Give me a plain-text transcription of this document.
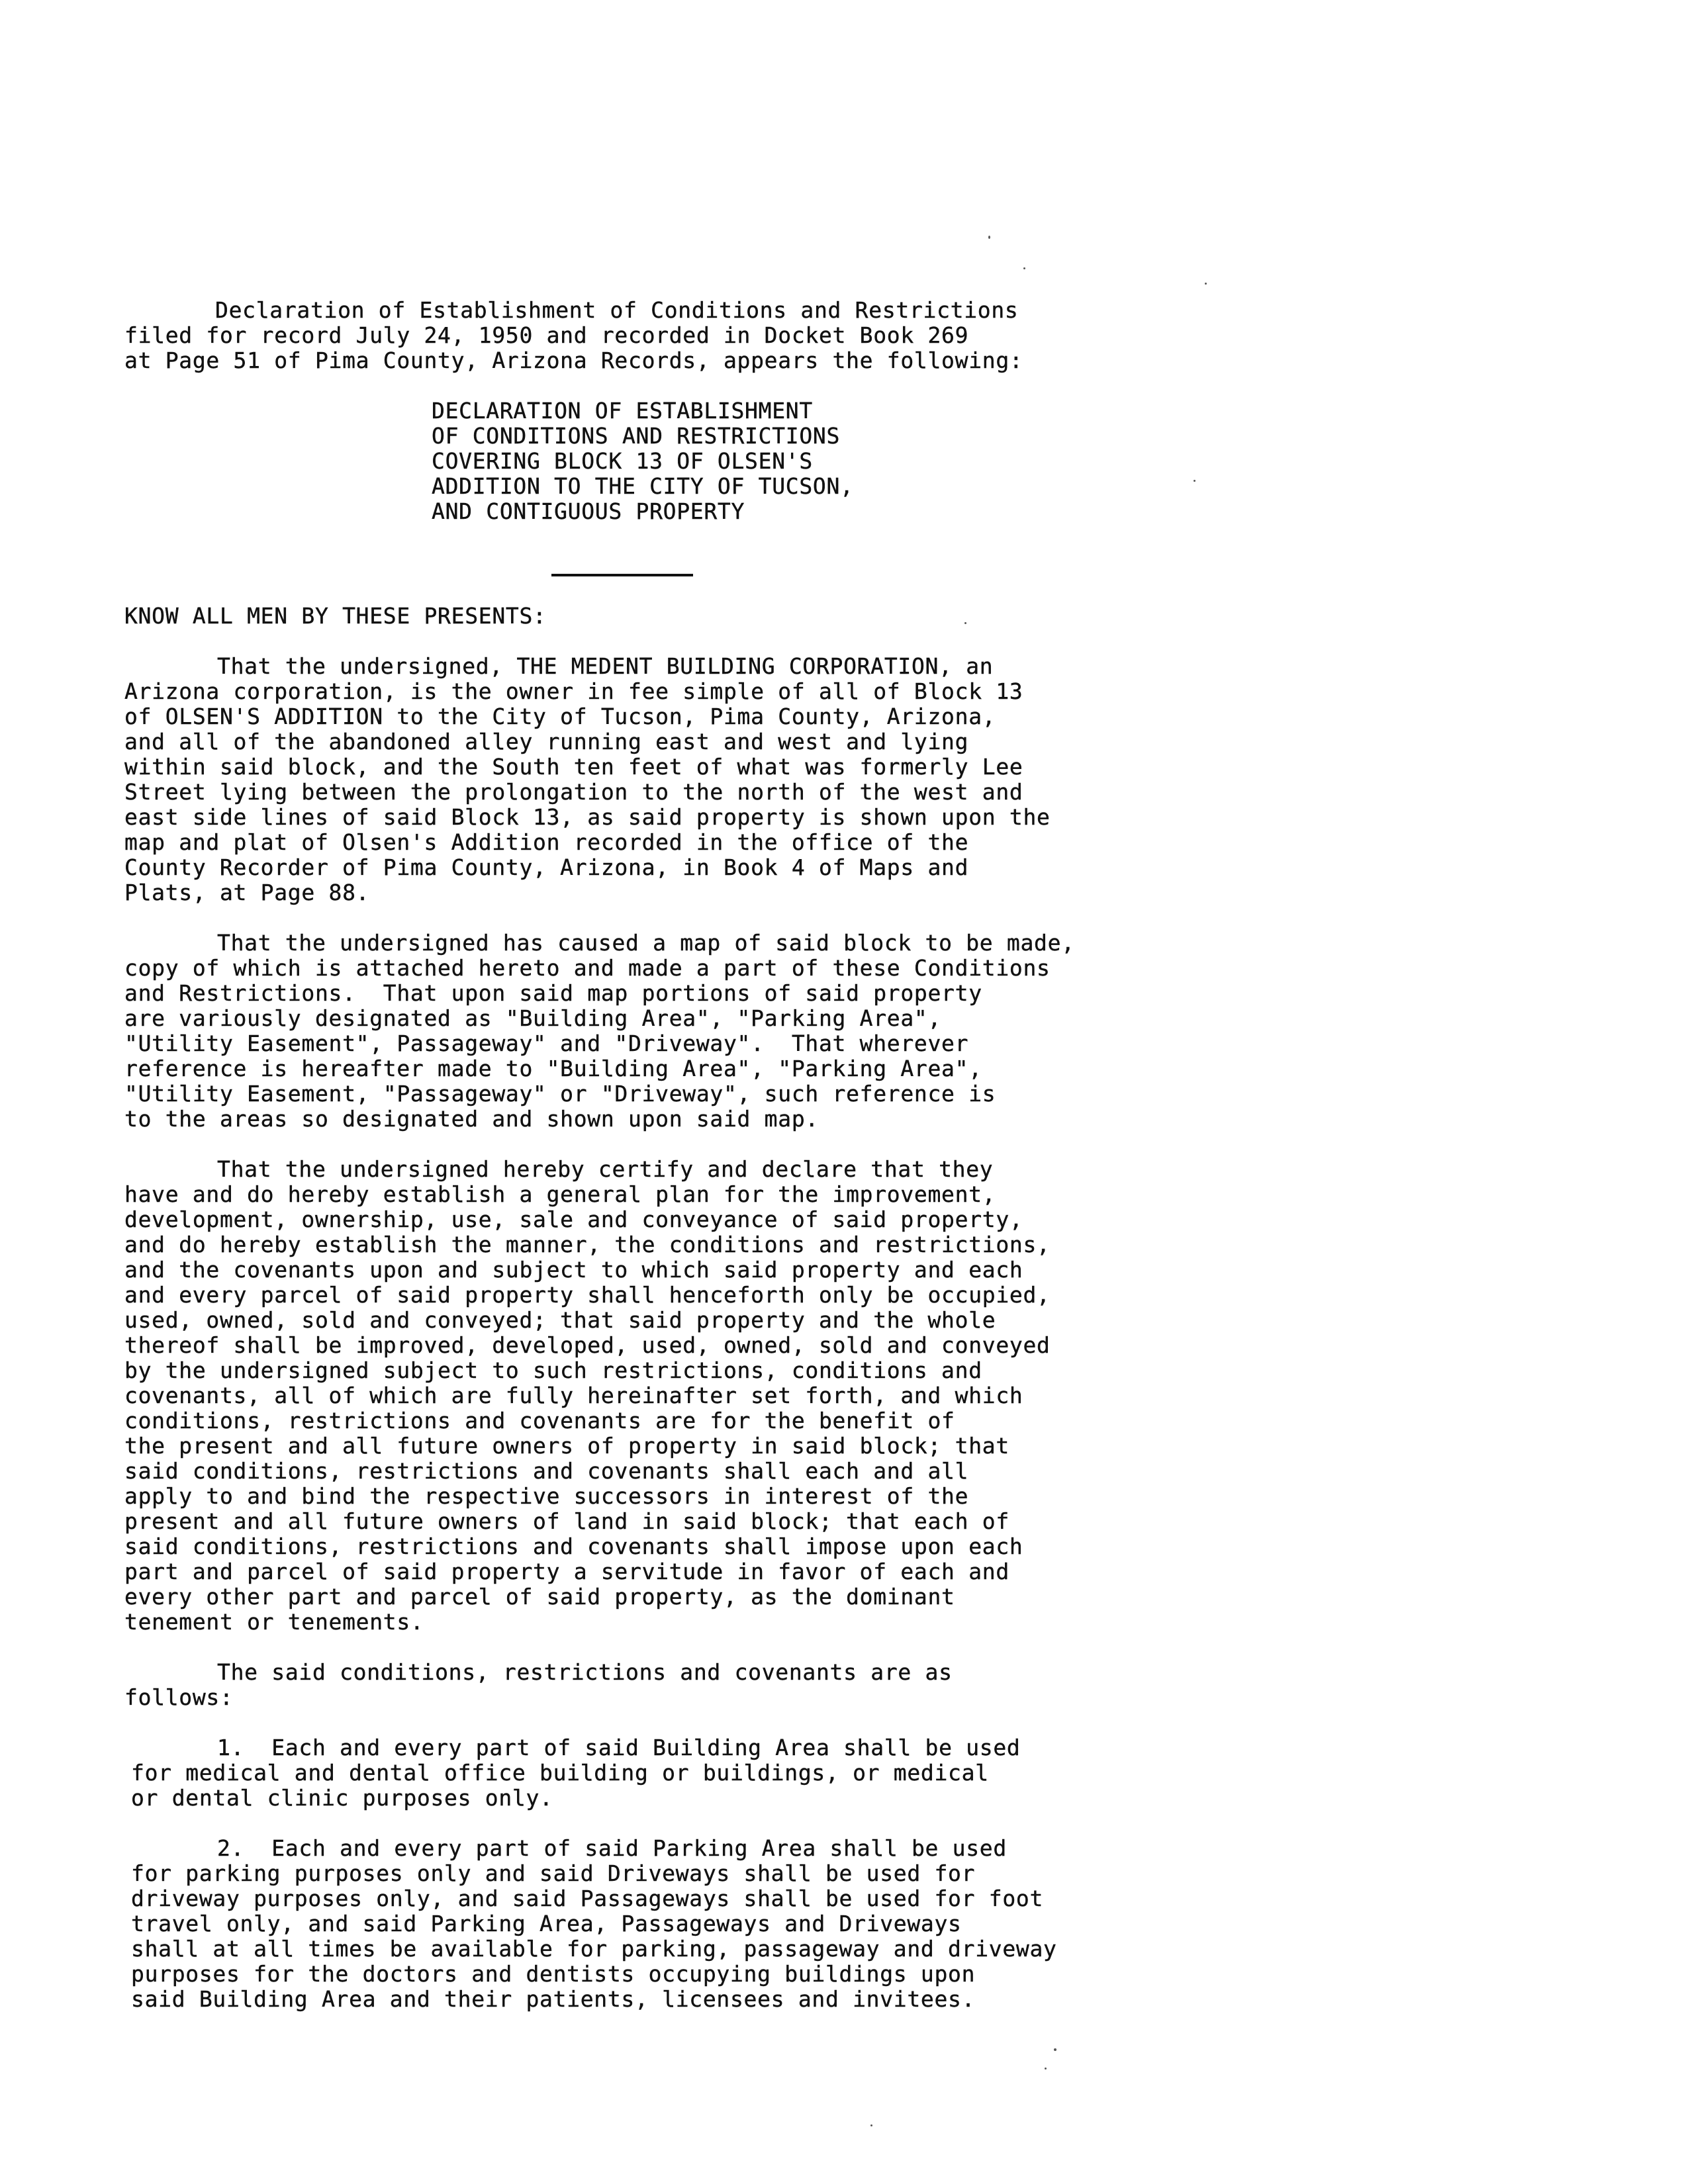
Declaration of Establishment of Conditions and Restrictions
filed for record July 24, 1950 and recorded in Docket Book 269
at Page 51 of Pima County, Arizona Records, appears the following:
DECLARATION OF ESTABLISHMENT
OF CONDITIONS AND RESTRICTIONS
COVERING BLOCK 13 OF OLSEN'S
ADDITION TO THE CITY OF TUCSON,
AND CONTIGUOUS PROPERTY
KNOW ALL MEN BY THESE PRESENTS:
That the undersigned, THE MEDENT BUILDING CORPORATION, an
Arizona corporation, is the owner in fee simple of all of Block 13
of OLSEN'S ADDITION to the City of Tucson, Pima County, Arizona,
and all of the abandoned alley running east and west and lying
within said block, and the South ten feet of what was formerly Lee
Street lying between the prolongation to the north of the west and
east side lines of said Block 13, as said property is shown upon the
map and plat of Olsen's Addition recorded in the office of the
County Recorder of Pima County, Arizona, in Book 4 of Maps and
Plats, at Page 88.
That the undersigned has caused a map of said block to be made,
copy of which is attached hereto and made a part of these Conditions
and Restrictions.  That upon said map portions of said property
are variously designated as "Building Area", "Parking Area",
"Utility Easement", Passageway" and "Driveway".  That wherever
reference is hereafter made to "Building Area", "Parking Area",
"Utility Easement, "Passageway" or "Driveway", such reference is
to the areas so designated and shown upon said map.
That the undersigned hereby certify and declare that they
have and do hereby establish a general plan for the improvement,
development, ownership, use, sale and conveyance of said property,
and do hereby establish the manner, the conditions and restrictions,
and the covenants upon and subject to which said property and each
and every parcel of said property shall henceforth only be occupied,
used, owned, sold and conveyed; that said property and the whole
thereof shall be improved, developed, used, owned, sold and conveyed
by the undersigned subject to such restrictions, conditions and
covenants, all of which are fully hereinafter set forth, and which
conditions, restrictions and covenants are for the benefit of
the present and all future owners of property in said block; that
said conditions, restrictions and covenants shall each and all
apply to and bind the respective successors in interest of the
present and all future owners of land in said block; that each of
said conditions, restrictions and covenants shall impose upon each
part and parcel of said property a servitude in favor of each and
every other part and parcel of said property, as the dominant
tenement or tenements.
The said conditions, restrictions and covenants are as
follows:
1.  Each and every part of said Building Area shall be used
for medical and dental office building or buildings, or medical
or dental clinic purposes only.
2.  Each and every part of said Parking Area shall be used
for parking purposes only and said Driveways shall be used for
driveway purposes only, and said Passageways shall be used for foot
travel only, and said Parking Area, Passageways and Driveways
shall at all times be available for parking, passageway and driveway
purposes for the doctors and dentists occupying buildings upon
said Building Area and their patients, licensees and invitees.
